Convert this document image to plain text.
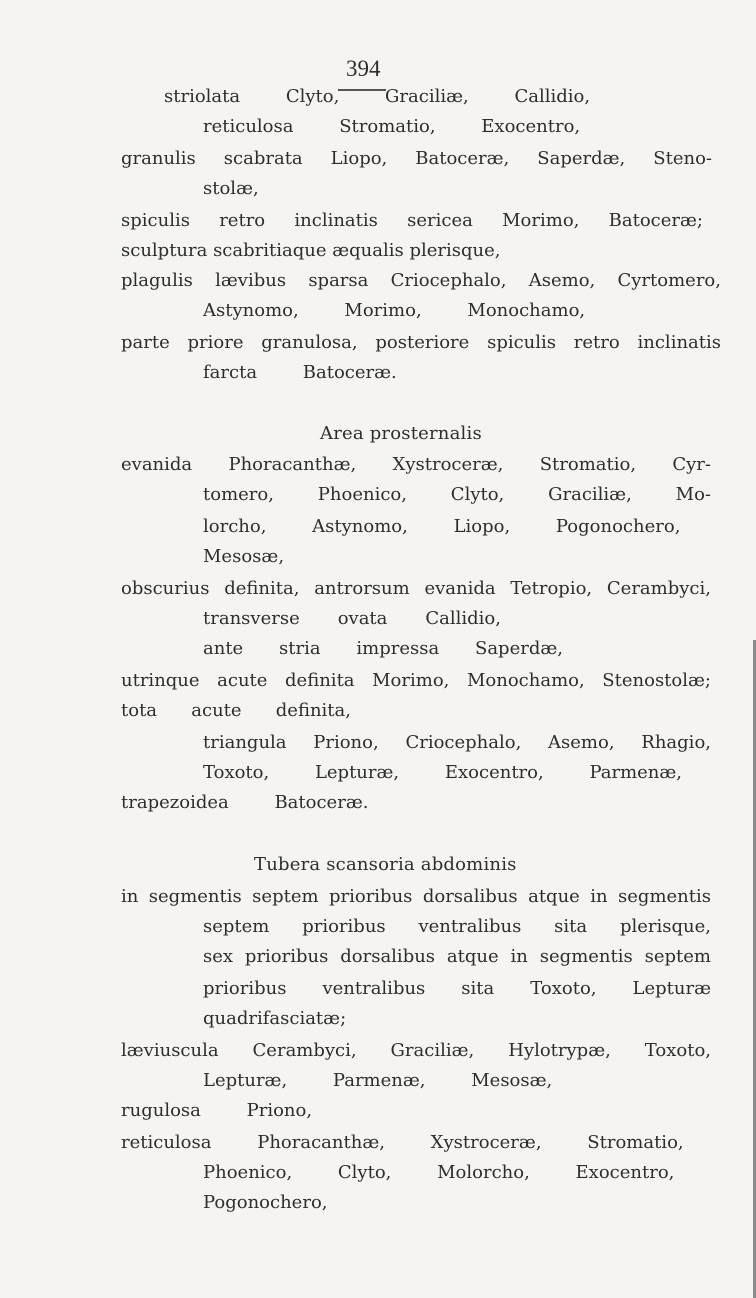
394
striolata Clyto, Graciliæ, Callidio,
reticulosa Stromatio, Exocentro,
granulis scabrata Liopo, Batoceræ, Saperdæ, Steno-
stolæ,
spiculis retro inclinatis sericea Morimo, Batoceræ;
sculptura scabritiaque æqualis plerisque,
plagulis lævibus sparsa Criocephalo, Asemo, Cyrtomero,
Astynomo, Morimo, Monochamo,
parte priore granulosa, posteriore spiculis retro inclinatis
farcta Batoceræ.
Area prosternalis
evanida Phoracanthæ, Xystroceræ, Stromatio, Cyr-
tomero, Phoenico, Clyto, Graciliæ, Mo-
lorcho, Astynomo, Liopo, Pogonochero,
Mesosæ,
obscurius definita, antrorsum evanida Tetropio, Cerambyci,
transverse ovata Callidio,
ante stria impressa Saperdæ,
utrinque acute definita Morimo, Monochamo, Stenostolæ;
tota acute definita,
triangula Priono, Criocephalo, Asemo, Rhagio,
Toxoto, Lepturæ, Exocentro, Parmenæ,
trapezoidea Batoceræ.
Tubera scansoria abdominis
in segmentis septem prioribus dorsalibus atque in segmentis
septem prioribus ventralibus sita plerisque,
sex prioribus dorsalibus atque in segmentis septem
prioribus ventralibus sita Toxoto, Lepturæ
quadrifasciatæ;
læviuscula Cerambyci, Graciliæ, Hylotrypæ, Toxoto,
Lepturæ, Parmenæ, Mesosæ,
rugulosa Priono,
reticulosa Phoracanthæ, Xystroceræ, Stromatio,
Phoenico, Clyto, Molorcho, Exocentro,
Pogonochero,
